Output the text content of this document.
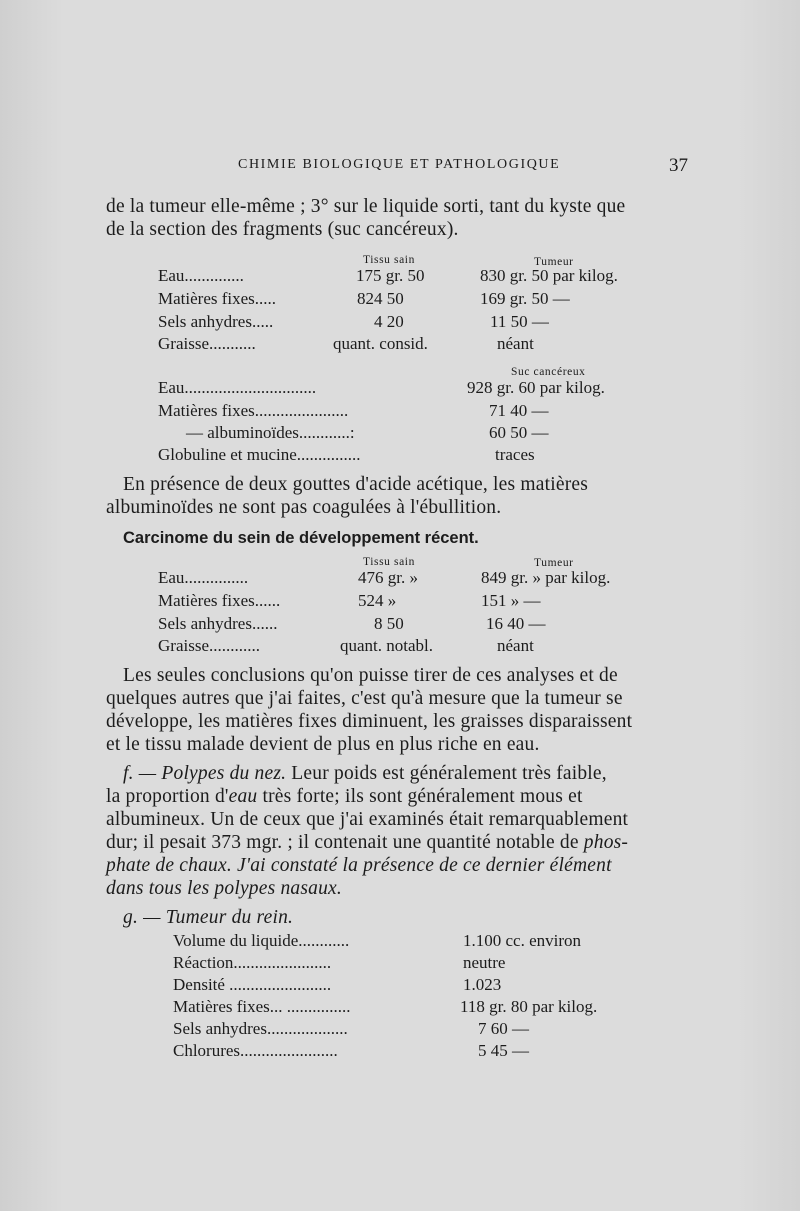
CHIMIE BIOLOGIQUE ET PATHOLOGIQUE	37
de la tumeur elle-même ; 3° sur le liquide sorti, tant du kyste que
de la section des fragments (suc cancéreux).
Tissu sain	Tumeur
Eau..............	175 gr. 50	830 gr. 50 par kilog.
Matières fixes.....	824 50	169 gr. 50 —
Sels anhydres.....	4 20	11 50 —
Graisse...........	quant. consid.	néant
Suc cancéreux
Eau...............................	928 gr. 60 par kilog.
Matières fixes......................	71 40 —
— albuminoïdes............:	60 50 —
Globuline et mucine...............	traces
En présence de deux gouttes d'acide acétique, les matières
albuminoïdes ne sont pas coagulées à l'ébullition.
Carcinome du sein de développement récent.
Tissu sain	Tumeur
Eau...............	476 gr. »	849 gr. » par kilog.
Matières fixes......	524 »	151 » —
Sels anhydres......	8 50	16 40 —
Graisse............	quant. notabl.	néant
Les seules conclusions qu'on puisse tirer de ces analyses et de
quelques autres que j'ai faites, c'est qu'à mesure que la tumeur se
développe, les matières fixes diminuent, les graisses disparaissent
et le tissu malade devient de plus en plus riche en eau.
f. — Polypes du nez. Leur poids est généralement très faible,
la proportion d'eau très forte; ils sont généralement mous et
albumineux. Un de ceux que j'ai examinés était remarquablement
dur; il pesait 373 mgr. ; il contenait une quantité notable de phos-
phate de chaux. J'ai constaté la présence de ce dernier élément
dans tous les polypes nasaux.
g. — Tumeur du rein.
Volume du liquide............	1.100 cc. environ
Réaction.......................	neutre
Densité ........................	1.023
Matières fixes... ...............	118 gr. 80 par kilog.
Sels anhydres...................	7 60 —
Chlorures.......................	5 45 —
